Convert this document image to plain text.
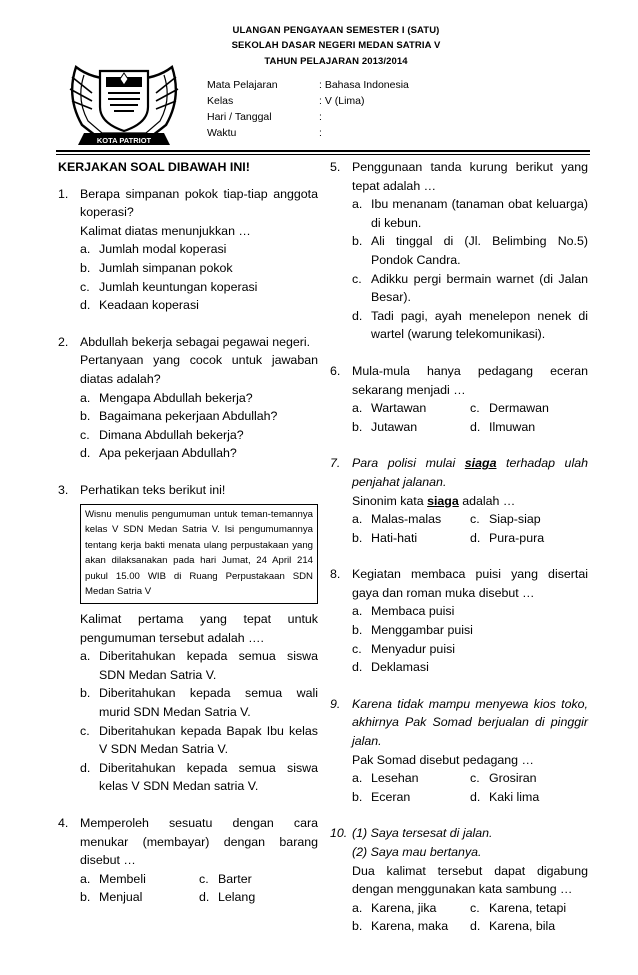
KOTA PATRIOT
ULANGAN PENGAYAAN SEMESTER I (SATU)
SEKOLAH DASAR NEGERI MEDAN SATRIA V
TAHUN PELAJARAN 2013/2014
Mata Pelajaran	: Bahasa Indonesia
Kelas	: V (Lima)
Hari / Tanggal	:
Waktu	:
KERJAKAN SOAL DIBAWAH INI!
1. Berapa simpanan pokok tiap-tiap anggota koperasi?
Kalimat diatas menunjukkan …
a. Jumlah modal koperasi
b. Jumlah simpanan pokok
c. Jumlah keuntungan koperasi
d. Keadaan koperasi
2. Abdullah bekerja sebagai pegawai negeri.
Pertanyaan yang cocok untuk jawaban diatas adalah?
a. Mengapa Abdullah bekerja?
b. Bagaimana pekerjaan Abdullah?
c. Dimana Abdullah bekerja?
d. Apa pekerjaan Abdullah?
3. Perhatikan teks berikut ini!
Wisnu menulis pengumuman untuk teman-temannya kelas V SDN Medan Satria V. Isi pengumumannya tentang kerja bakti menata ulang perpustakaan yang akan dilaksanakan pada hari Jumat, 24 April 214 pukul 15.00 WIB di Ruang Perpustakaan SDN Medan Satria V
Kalimat pertama yang tepat untuk pengumuman tersebut adalah ….
a. Diberitahukan kepada semua siswa SDN Medan Satria V.
b. Diberitahukan kepada semua wali murid SDN Medan Satria V.
c. Diberitahukan kepada Bapak Ibu kelas V SDN Medan Satria V.
d. Diberitahukan kepada semua siswa kelas V SDN Medan satria V.
4. Memperoleh sesuatu dengan cara menukar (membayar) dengan barang disebut …
a. Membeli	c. Barter
b. Menjual	d. Lelang
5. Penggunaan tanda kurung berikut yang tepat adalah …
a. Ibu menanam (tanaman obat keluarga) di kebun.
b. Ali tinggal di (Jl. Belimbing No.5) Pondok Candra.
c. Adikku pergi bermain warnet (di Jalan Besar).
d. Tadi pagi, ayah menelepon nenek di wartel (warung telekomunikasi).
6. Mula-mula hanya pedagang eceran sekarang menjadi …
a. Wartawan	c. Dermawan
b. Jutawan	d. Ilmuwan
7. Para polisi mulai siaga terhadap ulah penjahat jalanan.
Sinonim kata siaga adalah …
a. Malas-malas c. Siap-siap
b. Hati-hati	d. Pura-pura
8. Kegiatan membaca puisi yang disertai gaya dan roman muka disebut …
a. Membaca puisi
b. Menggambar puisi
c. Menyadur puisi
d. Deklamasi
9. Karena tidak mampu menyewa kios toko, akhirnya Pak Somad berjualan di pinggir jalan.
Pak Somad disebut pedagang …
a. Lesehan	c. Grosiran
b. Eceran	d. Kaki lima
10. (1) Saya tersesat di jalan.
(2) Saya mau bertanya.
Dua kalimat tersebut dapat digabung dengan menggunakan kata sambung …
a. Karena, jika	c. Karena, tetapi
b. Karena, maka d. Karena, bila
